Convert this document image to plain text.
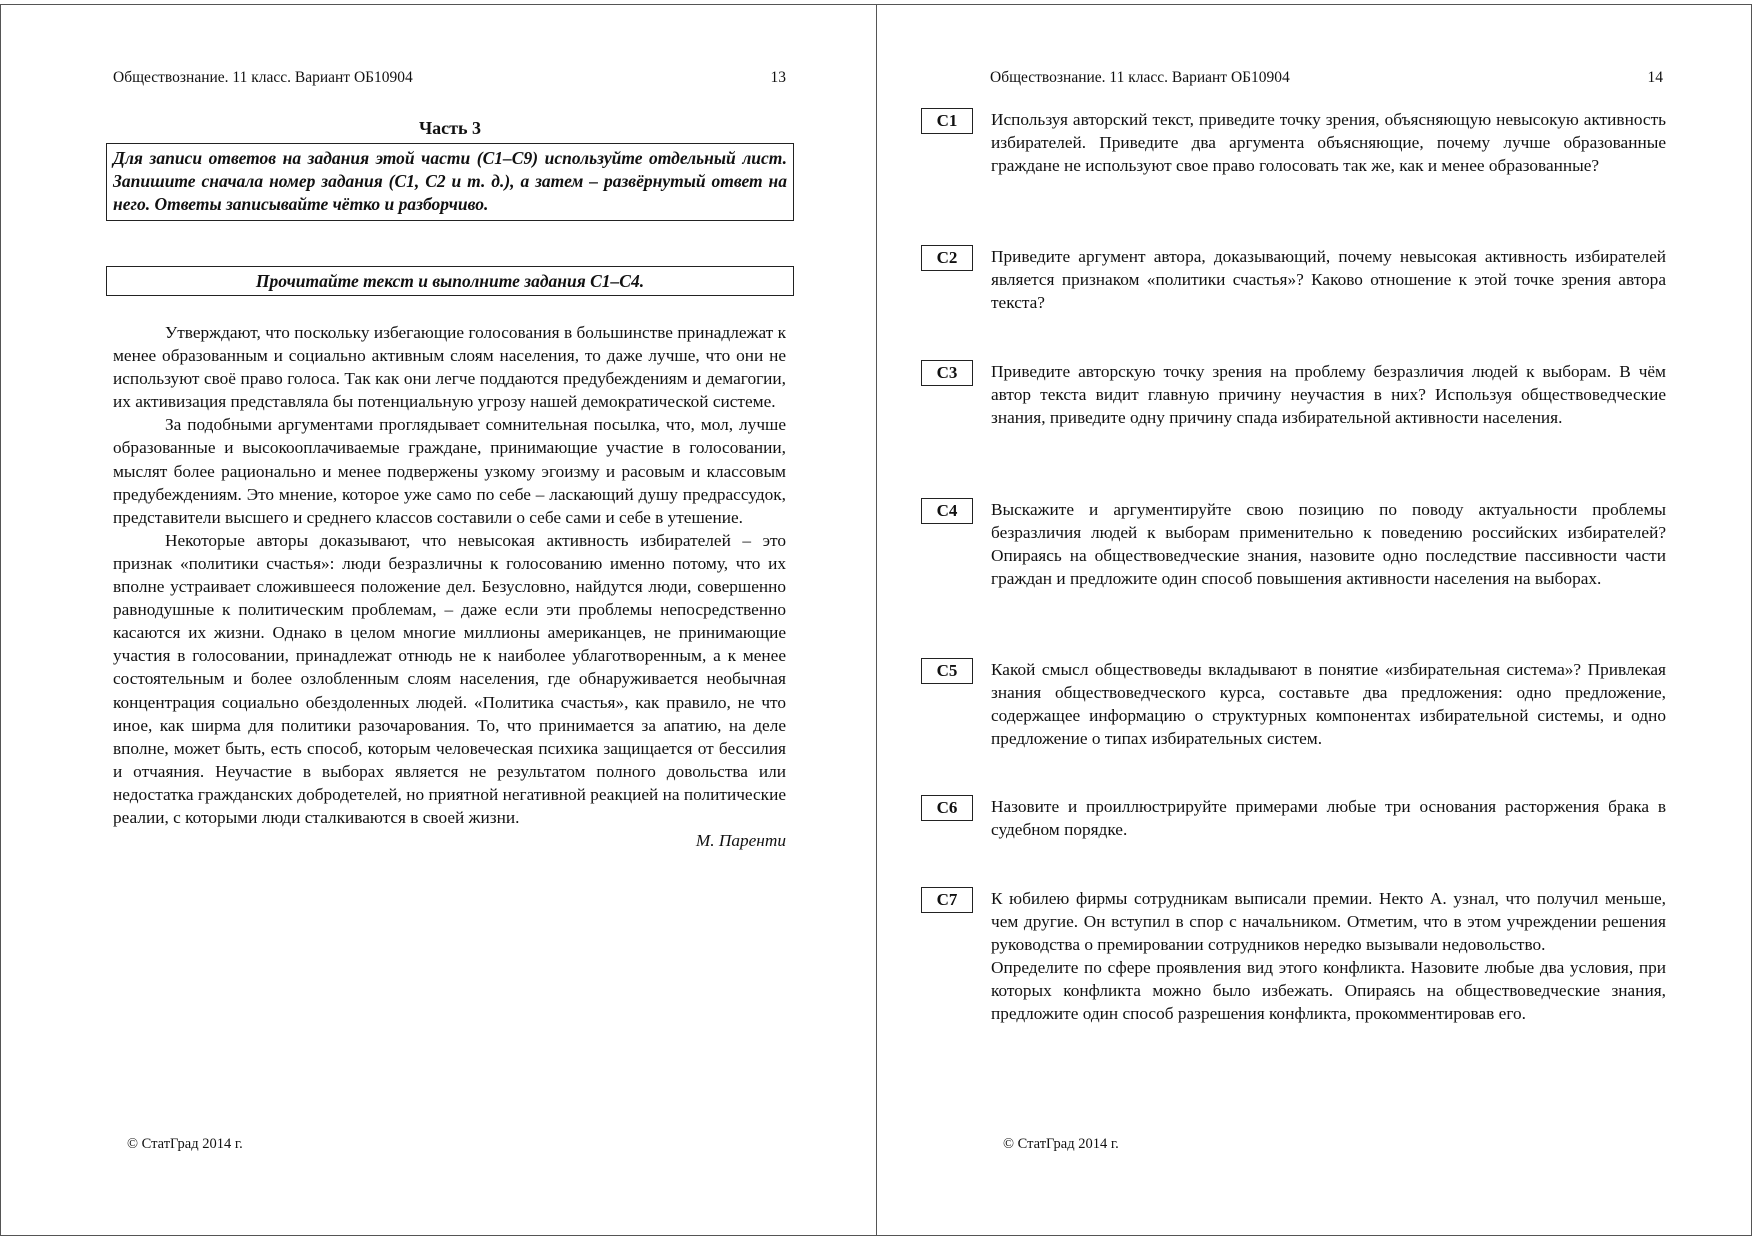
Обществознание. 11 класс. Вариант ОБ10904	13
Часть 3
Для записи ответов на задания этой части (C1–C9) используйте отдельный лист. Запишите сначала номер задания (C1, C2 и т. д.), а затем – развёрнутый ответ на него. Ответы записывайте чётко и разборчиво.
Прочитайте текст и выполните задания C1–C4.

Утверждают, что поскольку избегающие голосования в большинстве принадлежат к менее образованным и социально активным слоям населения, то даже лучше, что они не используют своё право голоса. Так как они легче поддаются предубеждениям и демагогии, их активизация представляла бы потенциальную угрозу нашей демократической системе.

За подобными аргументами проглядывает сомнительная посылка, что, мол, лучше образованные и высокооплачиваемые граждане, принимающие участие в голосовании, мыслят более рационально и менее подвержены узкому эгоизму и расовым и классовым предубеждениям. Это мнение, которое уже само по себе – ласкающий душу предрассудок, представители высшего и среднего классов составили о себе сами и себе в утешение.

Некоторые авторы доказывают, что невысокая активность избирателей – это признак «политики счастья»: люди безразличны к голосованию именно потому, что их вполне устраивает сложившееся положение дел. Безусловно, найдутся люди, совершенно равнодушные к политическим проблемам, – даже если эти проблемы непосредственно касаются их жизни. Однако в целом многие миллионы американцев, не принимающие участия в голосовании, принадлежат отнюдь не к наиболее ублаготворенным, а к менее состоятельным и более озлобленным слоям населения, где обнаруживается необычная концентрация социально обездоленных людей. «Политика счастья», как правило, не что иное, как ширма для политики разочарования. То, что принимается за апатию, на деле вполне, может быть, есть способ, которым человеческая психика защищается от бессилия и отчаяния. Неучастие в выборах является не результатом полного довольства или недостатка гражданских добродетелей, но приятной негативной реакцией на политические реалии, с которыми люди сталкиваются в своей жизни.

М. Паренти
© СтатГрад 2014 г.
Обществознание. 11 класс. Вариант ОБ10904	14
C1	Используя авторский текст, приведите точку зрения, объясняющую невысокую активность избирателей. Приведите два аргумента объясняющие, почему лучше образованные граждане не используют свое право голосовать так же, как и менее образованные?
C2	Приведите аргумент автора, доказывающий, почему невысокая активность избирателей является признаком «политики счастья»? Каково отношение к этой точке зрения автора текста?
C3	Приведите авторскую точку зрения на проблему безразличия людей к выборам. В чём автор текста видит главную причину неучастия в них? Используя обществоведческие знания, приведите одну причину спада избирательной активности населения.
C4	Выскажите и аргументируйте свою позицию по поводу актуальности проблемы безразличия людей к выборам применительно к поведению российских избирателей? Опираясь на обществоведческие знания, назовите одно последствие пассивности части граждан и предложите один способ повышения активности населения на выборах.
C5	Какой смысл обществоведы вкладывают в понятие «избирательная система»? Привлекая знания обществоведческого курса, составьте два предложения: одно предложение, содержащее информацию о структурных компонентах избирательной системы, и одно предложение о типах избирательных систем.
C6	Назовите и проиллюстрируйте примерами любые три основания расторжения брака в судебном порядке.
C7	К юбилею фирмы сотрудникам выписали премии. Некто А. узнал, что получил меньше, чем другие. Он вступил в спор с начальником. Отметим, что в этом учреждении решения руководства о премировании сотрудников нередко вызывали недовольство.

Определите по сфере проявления вид этого конфликта. Назовите любые два условия, при которых конфликта можно было избежать. Опираясь на обществоведческие знания, предложите один способ разрешения конфликта, прокомментировав его.

© СтатГрад 2014 г.
